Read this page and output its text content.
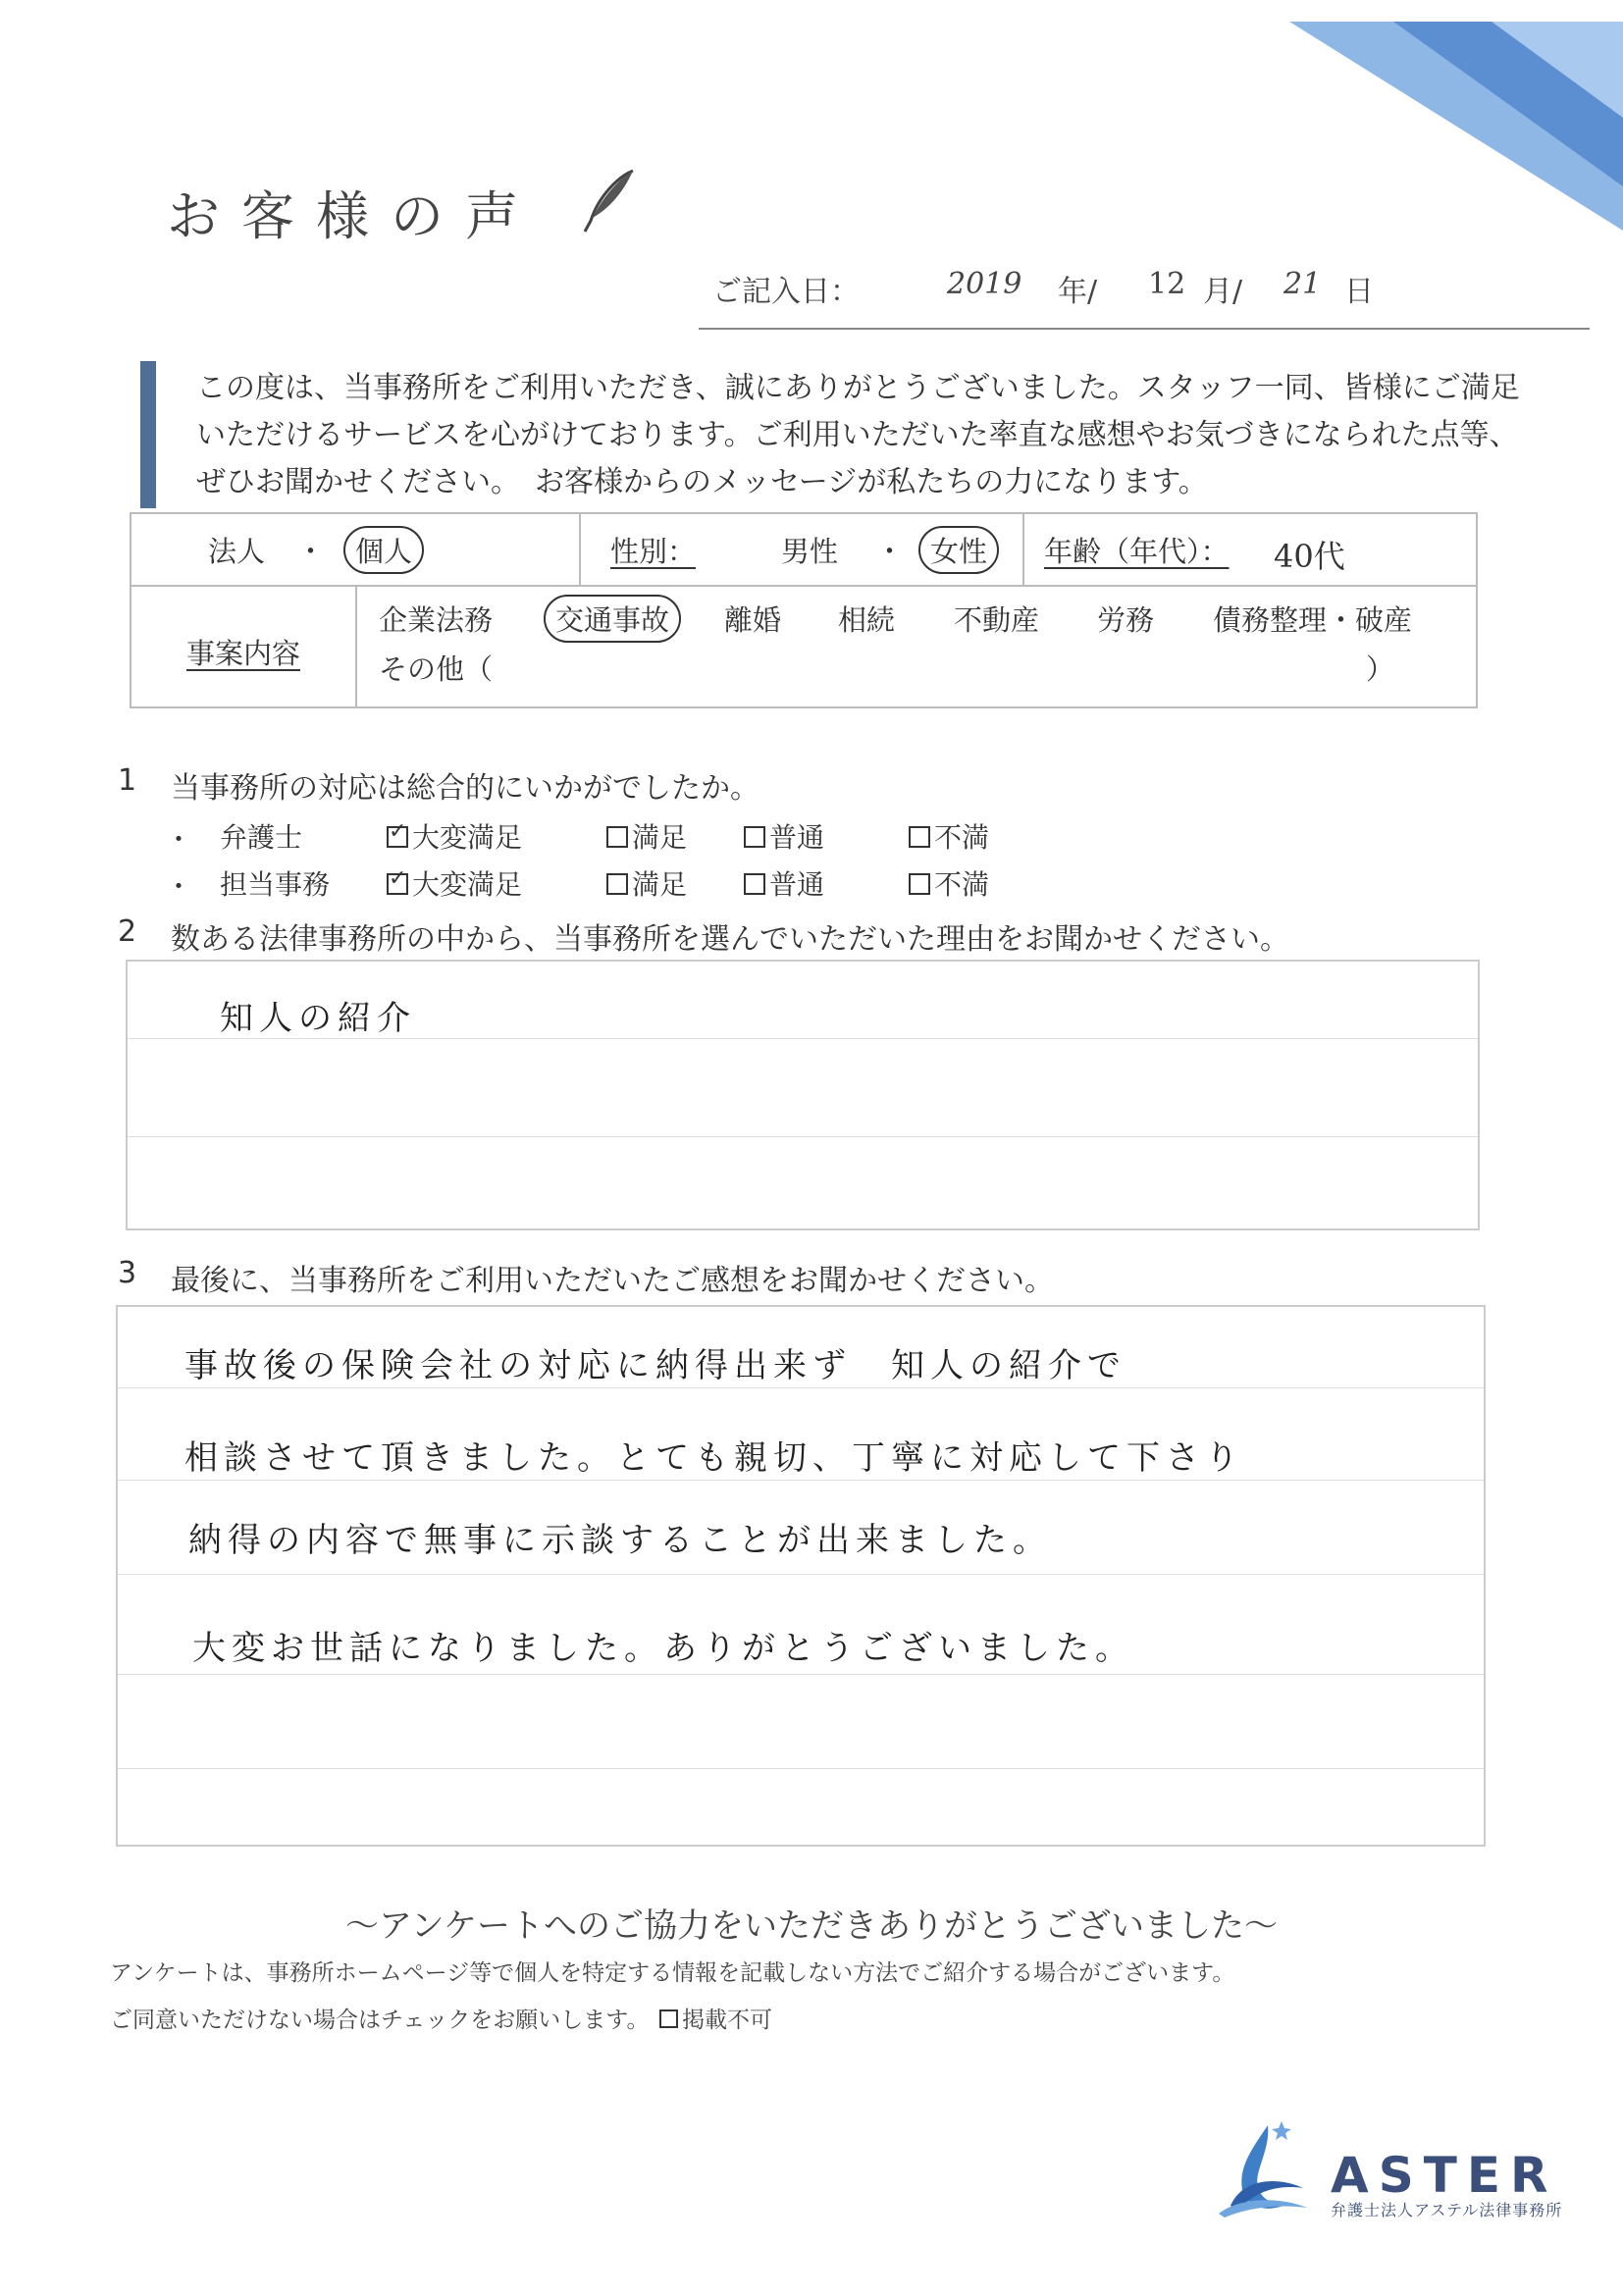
お客様の声
ご記入日：	2019 年/ 12 月/ 21 日
この度は、当事務所をご利用いただき、誠にありがとうございました。スタッフ一同、皆様にご満足
いただけるサービスを心がけております。ご利用いただいた率直な感想やお気づきになられた点等、
ぜひお聞かせください。　お客様からのメッセージが私たちの力になります。
法人 ・	個人	性別：	男性 ・ 女性	年齢（年代）： 40代
事案内容
企業法務	交通事故	離婚 相続 不動産 労務 債務整理・破産
その他（	）
1 当事務所の対応は総合的にいかがでしたか。
・ 弁護士 ✓	大変満足	満足	普通	不満
・ 担当事務 ✓	大変満足	満足	普通	不満
2 数ある法律事務所の中から、当事務所を選んでいただいた理由をお聞かせください。
知人の紹介
3 最後に、当事務所をご利用いただいたご感想をお聞かせください。
事故後の保険会社の対応に納得出来ず　知人の紹介で
相談させて頂きました。とても親切、丁寧に対応して下さり
納得の内容で無事に示談することが出来ました。
大変お世話になりました。ありがとうございました。
～アンケートへのご協力をいただきありがとうございました～
アンケートは、事務所ホームページ等で個人を特定する情報を記載しない方法でご紹介する場合がございます。
ご同意いただけない場合はチェックをお願いします。	掲載不可
ASTER
弁護士法人アステル法律事務所
